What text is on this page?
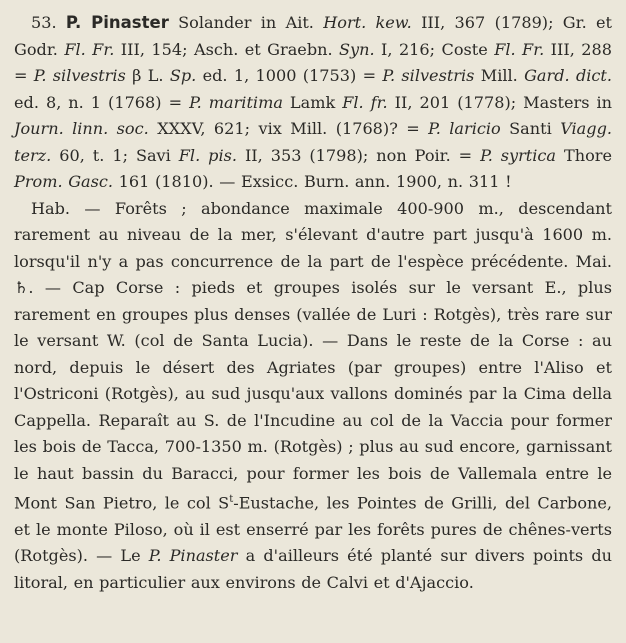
53. P. Pinaster Solander in Ait. Hort. kew. III, 367 (1789); Gr. et Godr. Fl. Fr. III, 154; Asch. et Graebn. Syn. I, 216; Coste Fl. Fr. III, 288 = P. silvestris β L. Sp. ed. 1, 1000 (1753) = P. silvestris Mill. Gard. dict. ed. 8, n. 1 (1768) = P. maritima Lamk Fl. fr. II, 201 (1778); Masters in Journ. linn. soc. XXXV, 621; vix Mill. (1768)? = P. laricio Santi Viagg. terz. 60, t. 1; Savi Fl. pis. II, 353 (1798); non Poir. = P. syrtica Thore Prom. Gasc. 161 (1810). — Exsicc. Burn. ann. 1900, n. 311 !

Hab. — Forêts ; abondance maximale 400-900 m., descendant rarement au niveau de la mer, s'élevant d'autre part jusqu'à 1600 m. lorsqu'il n'y a pas concurrence de la part de l'espèce précédente. Mai. ♄. — Cap Corse : pieds et groupes isolés sur le versant E., plus rarement en groupes plus denses (vallée de Luri : Rotgès), très rare sur le versant W. (col de Santa Lucia). — Dans le reste de la Corse : au nord, depuis le désert des Agriates (par groupes) entre l'Aliso et l'Ostriconi (Rotgès), au sud jusqu'aux vallons dominés par la Cima della Cappella. Reparaît au S. de l'Incudine au col de la Vaccia pour former les bois de Tacca, 700-1350 m. (Rotgès) ; plus au sud encore, garnissant le haut bassin du Baracci, pour former les bois de Vallemala entre le Mont San Pietro, le col $S^t$-Eustache, les Pointes de Grilli, del Carbone, et le monte Piloso, où il est enserré par les forêts pures de chênes-verts (Rotgès). — Le P. Pinaster a d'ailleurs été planté sur divers points du litoral, en particulier aux environs de Calvi et d'Ajaccio.
